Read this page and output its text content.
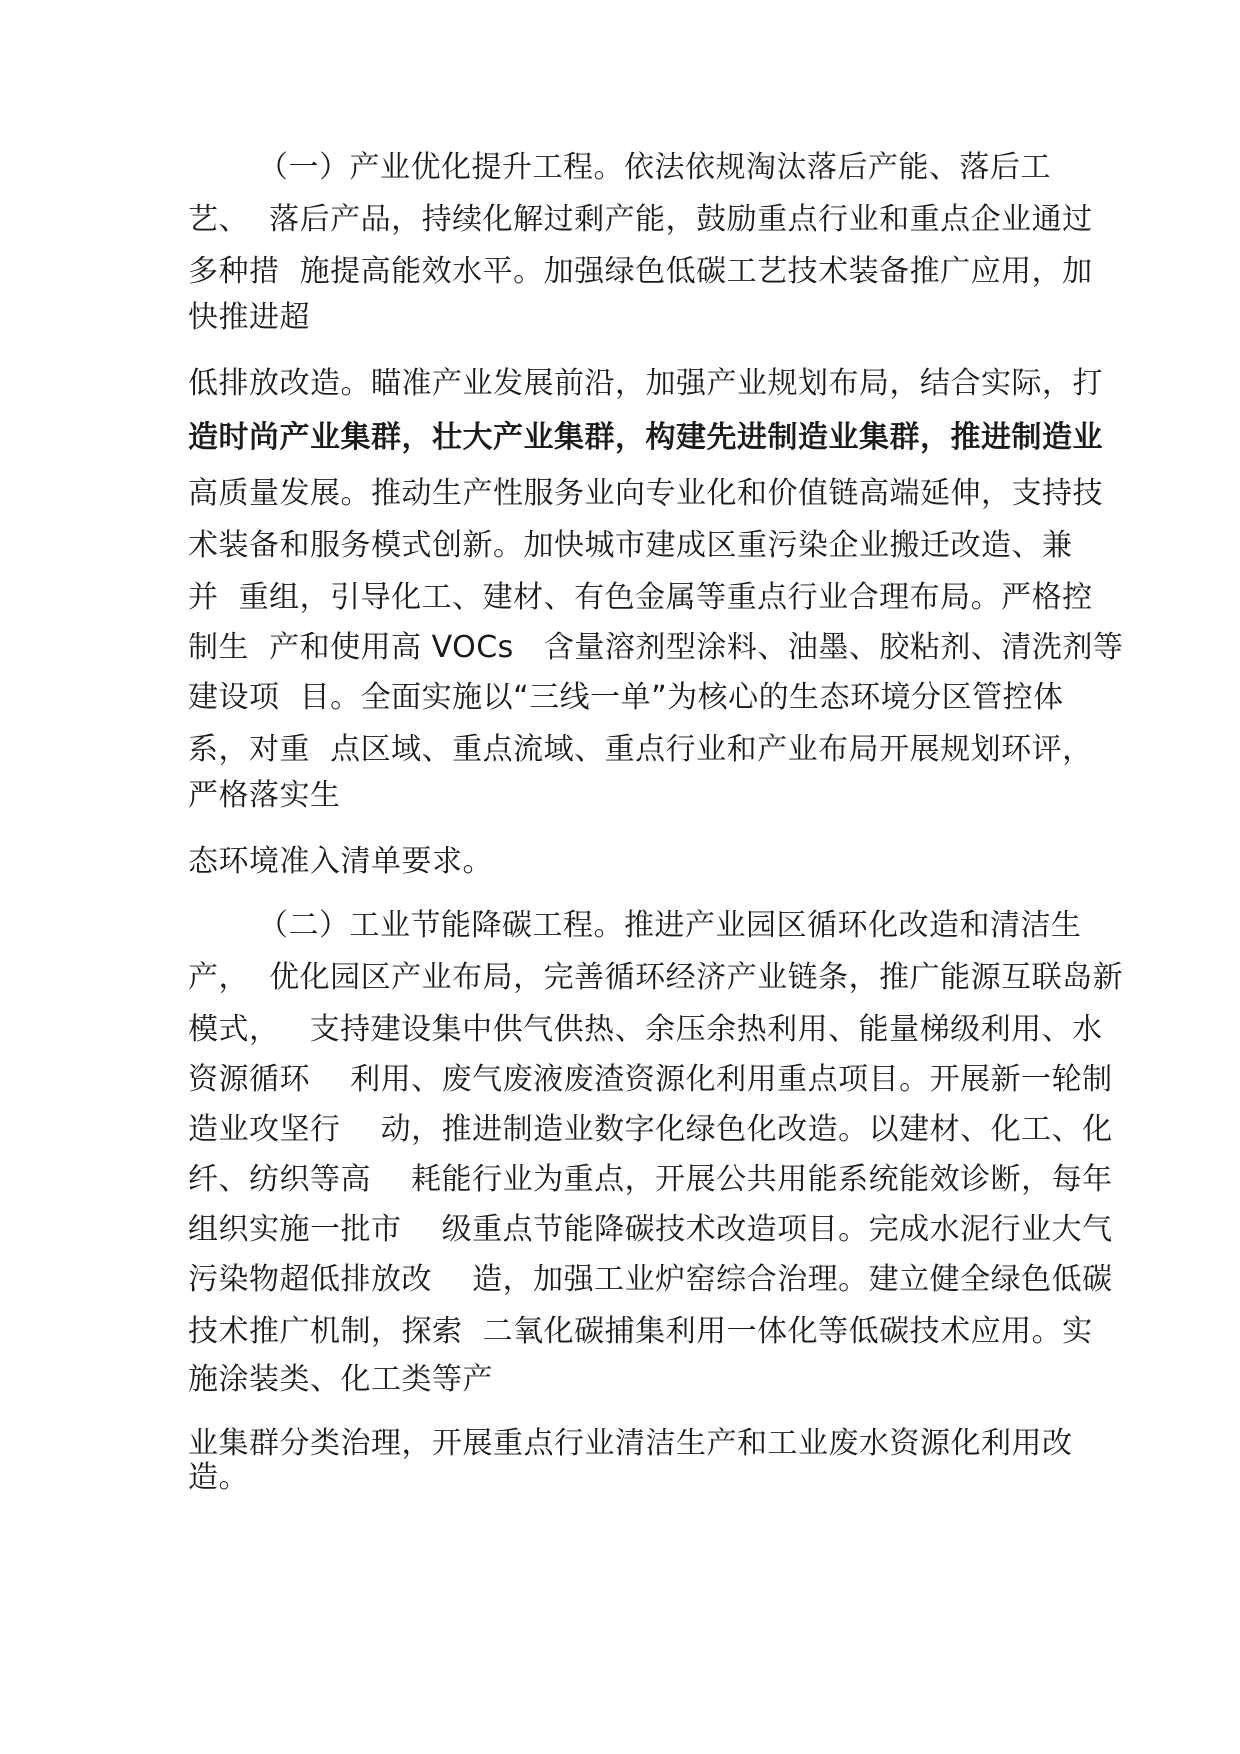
（一）产业优化提升工程。依法依规淘汰落后产能、落后工
艺、  落后产品，持续化解过剩产能，鼓励重点行业和重点企业通过
多种措  施提高能效水平。加强绿色低碳工艺技术装备推广应用，加
快推进超
低排放改造。瞄准产业发展前沿，加强产业规划布局，结合实际，打
造时尚产业集群，壮大产业集群，构建先进制造业集群，推进制造业
高质量发展。推动生产性服务业向专业化和价值链高端延伸，支持技
术装备和服务模式创新。加快城市建成区重污染企业搬迁改造、兼
并  重组，引导化工、建材、有色金属等重点行业合理布局。严格控
制生  产和使用高 VOCs   含量溶剂型涂料、油墨、胶粘剂、清洗剂等
建设项  目。全面实施以“三线一单”为核心的生态环境分区管控体
系，对重  点区域、重点流域、重点行业和产业布局开展规划环评，
严格落实生
态环境准入清单要求。
（二）工业节能降碳工程。推进产业园区循环化改造和清洁生
产，  优化园区产业布局，完善循环经济产业链条，推广能源互联岛新
模式，   支持建设集中供气供热、余压余热利用、能量梯级利用、水
资源循环    利用、废气废液废渣资源化利用重点项目。开展新一轮制
造业攻坚行    动，推进制造业数字化绿色化改造。以建材、化工、化
纤、纺织等高    耗能行业为重点，开展公共用能系统能效诊断，每年
组织实施一批市    级重点节能降碳技术改造项目。完成水泥行业大气
污染物超低排放改    造，加强工业炉窑综合治理。建立健全绿色低碳
技术推广机制，探索  二氧化碳捕集利用一体化等低碳技术应用。实
施涂装类、化工类等产
业集群分类治理，开展重点行业清洁生产和工业废水资源化利用改
造。
